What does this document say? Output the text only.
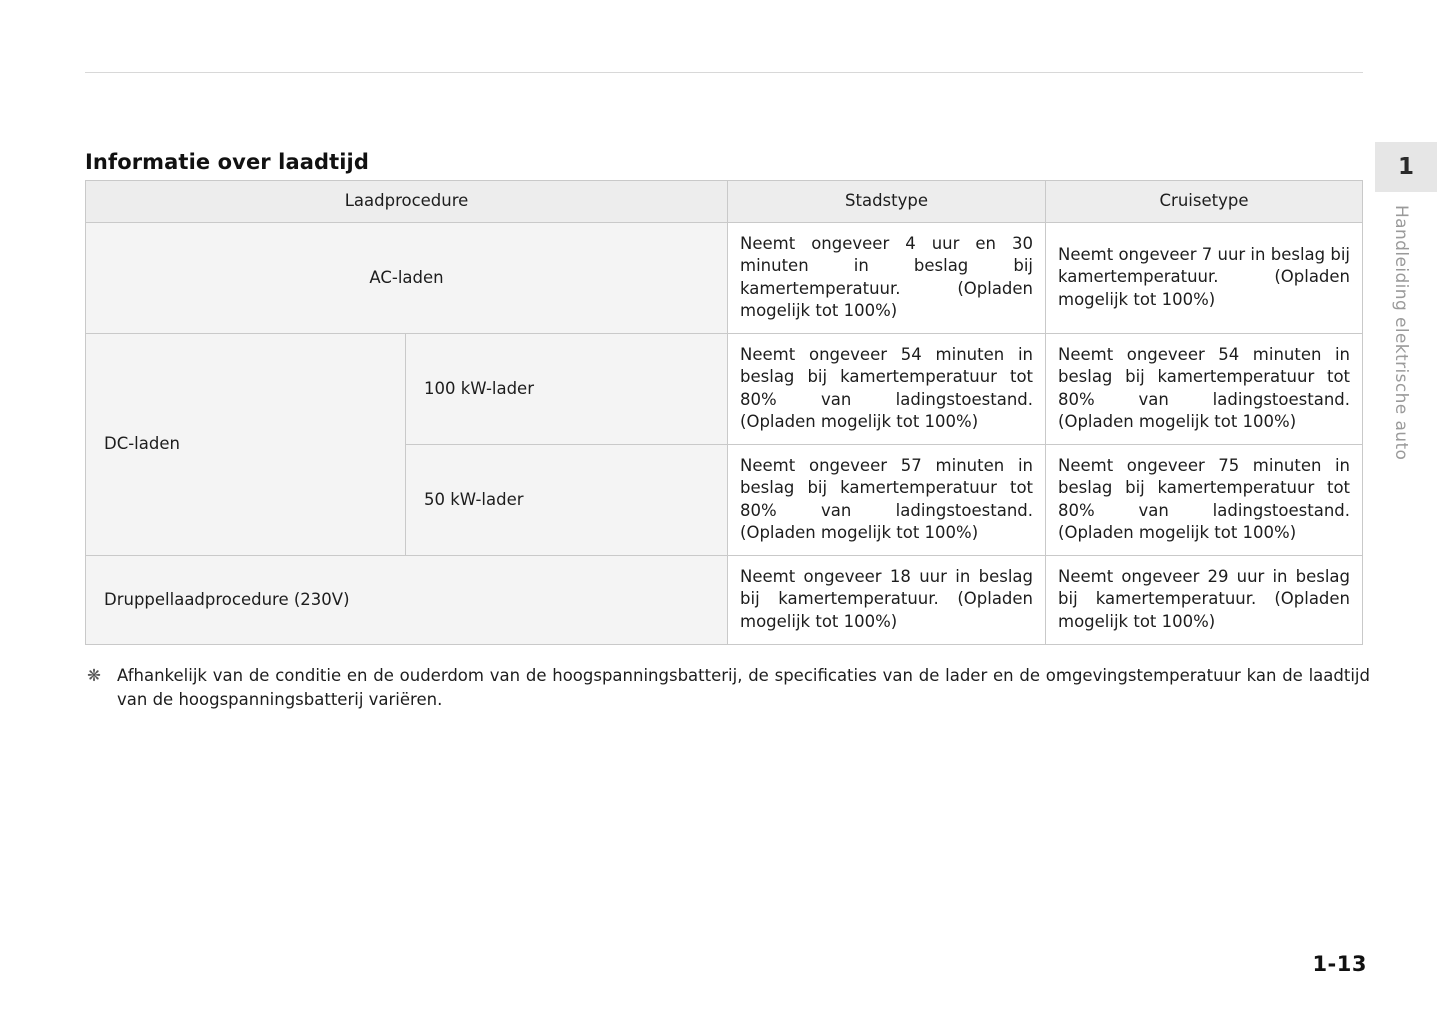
Informatie over laadtijd	1
Handleiding elektrische auto
Laadprocedure		Stadstype	Cruisetype
AC-laden		Neemt ongeveer 4 uur en 30 minuten in beslag bij kamertemperatuur. (Opladen mogelijk tot 100%)	Neemt ongeveer 7 uur in beslag bij kamertemperatuur. (Opladen mogelijk tot 100%)
DC-laden	100 kW-lader	Neemt ongeveer 54 minuten in beslag bij kamertemperatuur tot 80% van ladingstoestand. (Opladen mogelijk tot 100%)	Neemt ongeveer 54 minuten in beslag bij kamertemperatuur tot 80% van ladingstoestand. (Opladen mogelijk tot 100%)
	50 kW-lader	Neemt ongeveer 57 minuten in beslag bij kamertemperatuur tot 80% van ladingstoestand. (Opladen mogelijk tot 100%)	Neemt ongeveer 75 minuten in beslag bij kamertemperatuur tot 80% van ladingstoestand. (Opladen mogelijk tot 100%)
Druppellaadprocedure (230V)		Neemt ongeveer 18 uur in beslag bij kamertemperatuur. (Opladen mogelijk tot 100%)	Neemt ongeveer 29 uur in beslag bij kamertemperatuur. (Opladen mogelijk tot 100%)
❋ Afhankelijk van de conditie en de ouderdom van de hoogspanningsbatterij, de specificaties van de lader en de omgevingstemperatuur kan de laadtijd van de hoogspanningsbatterij variëren.
1-13
